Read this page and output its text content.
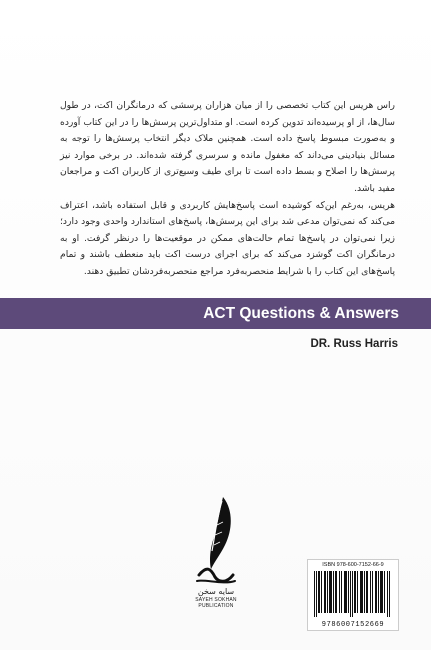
راس هریس این کتاب تخصصی را از میان هزاران پرسشی که درمانگران اکت، در طول سال‌ها، از او پرسیده‌اند تدوین کرده است. او متداول‌ترین پرسش‌ها را در این کتاب آورده و به‌صورت مبسوط پاسخ داده است. همچنین ملاک دیگر انتخاب پرسش‌ها را توجه به مسائل بنیادینی می‌داند که مغفول مانده و سرسری گرفته شده‌اند. در برخی موارد نیز پرسش‌ها را اصلاح و بسط داده است تا برای طیف وسیع‌تری از کاربران اکت و مراجعان مفید باشد.

هریس، به‌رغم این‌که کوشیده است پاسخ‌هایش کاربردی و قابل استفاده باشد، اعتراف می‌کند که نمی‌توان مدعی شد برای این پرسش‌ها، پاسخ‌های استاندارد واحدی وجود دارد؛ زیرا نمی‌توان در پاسخ‌ها تمام حالت‌های ممکن در موقعیت‌ها را درنظر گرفت. او به درمانگران اکت گوشزد می‌کند که برای اجرای درست اکت باید منعطف باشند و تمام پاسخ‌های این کتاب را با شرایط منحصربه‌فرد مراجع منحصربه‌فردشان تطبیق دهند.

ACT Questions & Answers
DR. Russ Harris
سایه سخن
SAYEH SOKHAN
PUBLICATION
ISBN 978-600-7152-66-9
9786007152669
